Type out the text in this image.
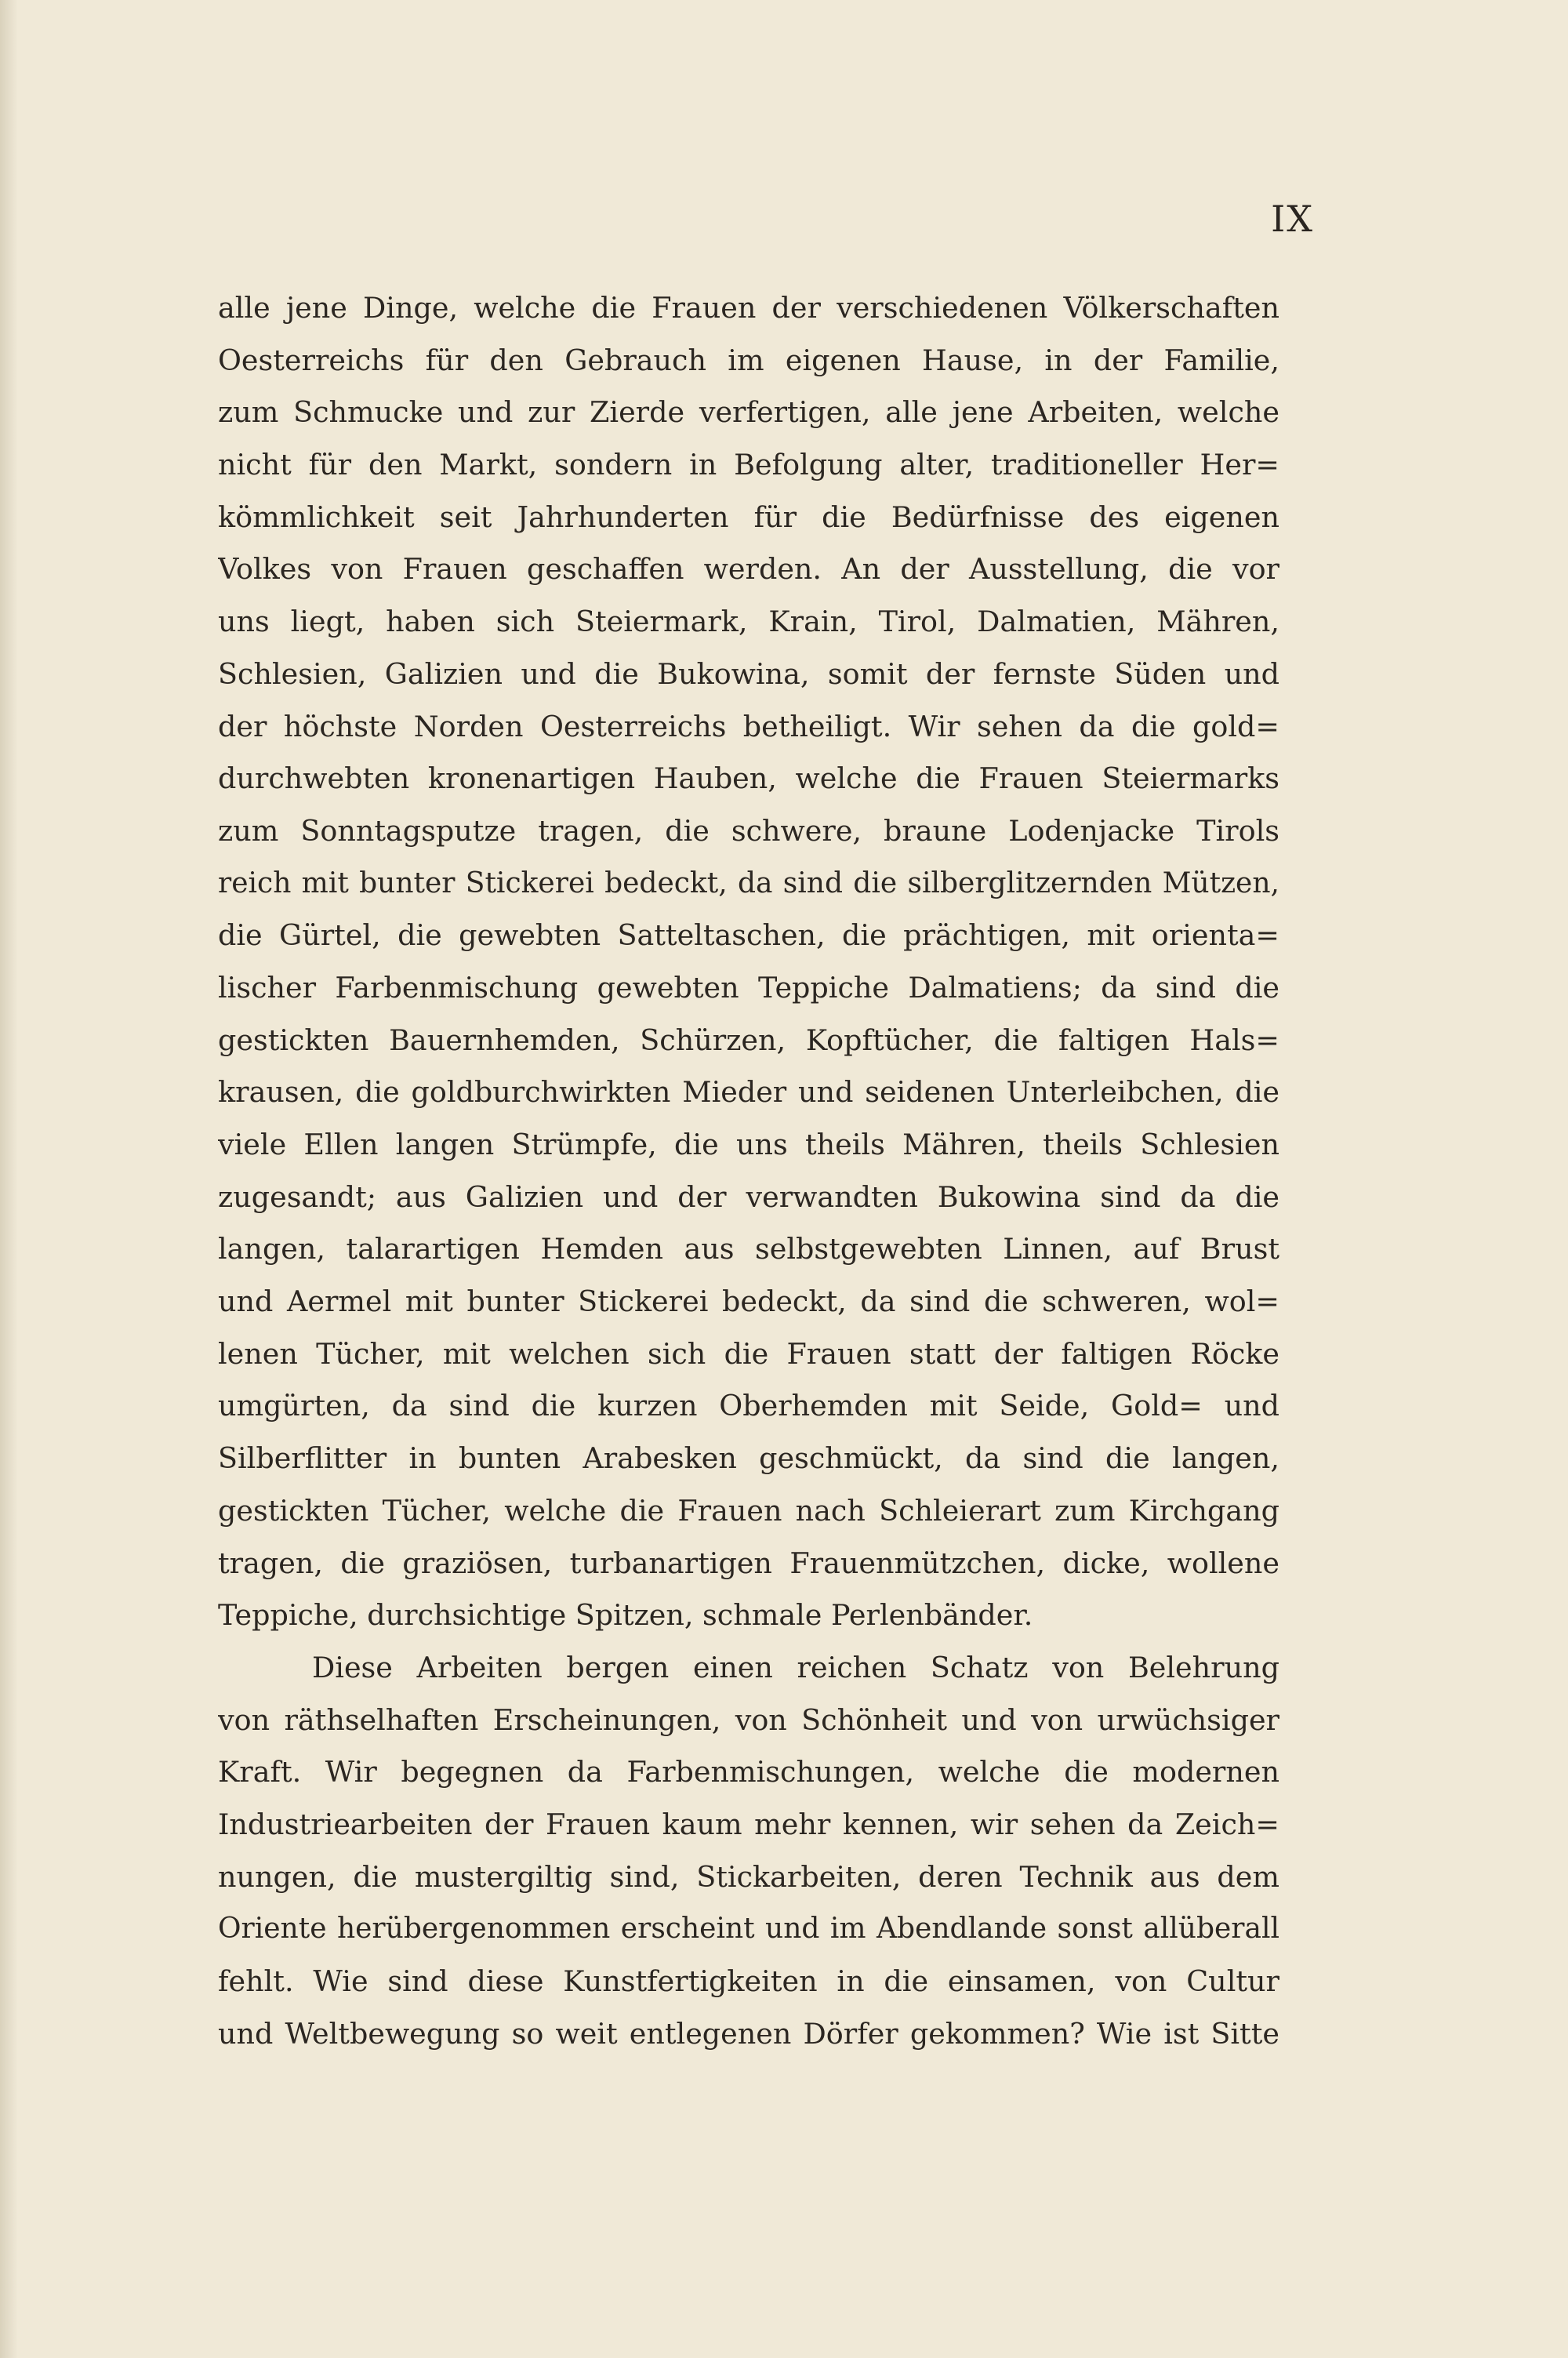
IX
alle jene Dinge, welche die Frauen der verschiedenen Völkerschaften
Oesterreichs für den Gebrauch im eigenen Hause, in der Familie,
zum Schmucke und zur Zierde verfertigen, alle jene Arbeiten, welche
nicht für den Markt, sondern in Befolgung alter, traditioneller Her=
kömmlichkeit seit Jahrhunderten für die Bedürfnisse des eigenen
Volkes von Frauen geschaffen werden. An der Ausstellung, die vor
uns liegt, haben sich Steiermark, Krain, Tirol, Dalmatien, Mähren,
Schlesien, Galizien und die Bukowina, somit der fernste Süden und
der höchste Norden Oesterreichs betheiligt. Wir sehen da die gold=
durchwebten kronenartigen Hauben, welche die Frauen Steiermarks
zum Sonntagsputze tragen, die schwere, braune Lodenjacke Tirols
reich mit bunter Stickerei bedeckt, da sind die silberglitzernden Mützen,
die Gürtel, die gewebten Satteltaschen, die prächtigen, mit orienta=
lischer Farbenmischung gewebten Teppiche Dalmatiens; da sind die
gestickten Bauernhemden, Schürzen, Kopftücher, die faltigen Hals=
krausen, die goldburchwirkten Mieder und seidenen Unterleibchen, die
viele Ellen langen Strümpfe, die uns theils Mähren, theils Schlesien
zugesandt; aus Galizien und der verwandten Bukowina sind da die
langen, talarartigen Hemden aus selbstgewebten Linnen, auf Brust
und Aermel mit bunter Stickerei bedeckt, da sind die schweren, wol=
lenen Tücher, mit welchen sich die Frauen statt der faltigen Röcke
umgürten, da sind die kurzen Oberhemden mit Seide, Gold= und
Silberflitter in bunten Arabesken geschmückt, da sind die langen,
gestickten Tücher, welche die Frauen nach Schleierart zum Kirchgang
tragen, die graziösen, turbanartigen Frauenmützchen, dicke, wollene
Teppiche, durchsichtige Spitzen, schmale Perlenbänder.
Diese Arbeiten bergen einen reichen Schatz von Belehrung
von räthselhaften Erscheinungen, von Schönheit und von urwüchsiger
Kraft. Wir begegnen da Farbenmischungen, welche die modernen
Industriearbeiten der Frauen kaum mehr kennen, wir sehen da Zeich=
nungen, die mustergiltig sind, Stickarbeiten, deren Technik aus dem
Oriente herübergenommen erscheint und im Abendlande sonst allüberall
fehlt. Wie sind diese Kunstfertigkeiten in die einsamen, von Cultur
und Weltbewegung so weit entlegenen Dörfer gekommen? Wie ist Sitte
